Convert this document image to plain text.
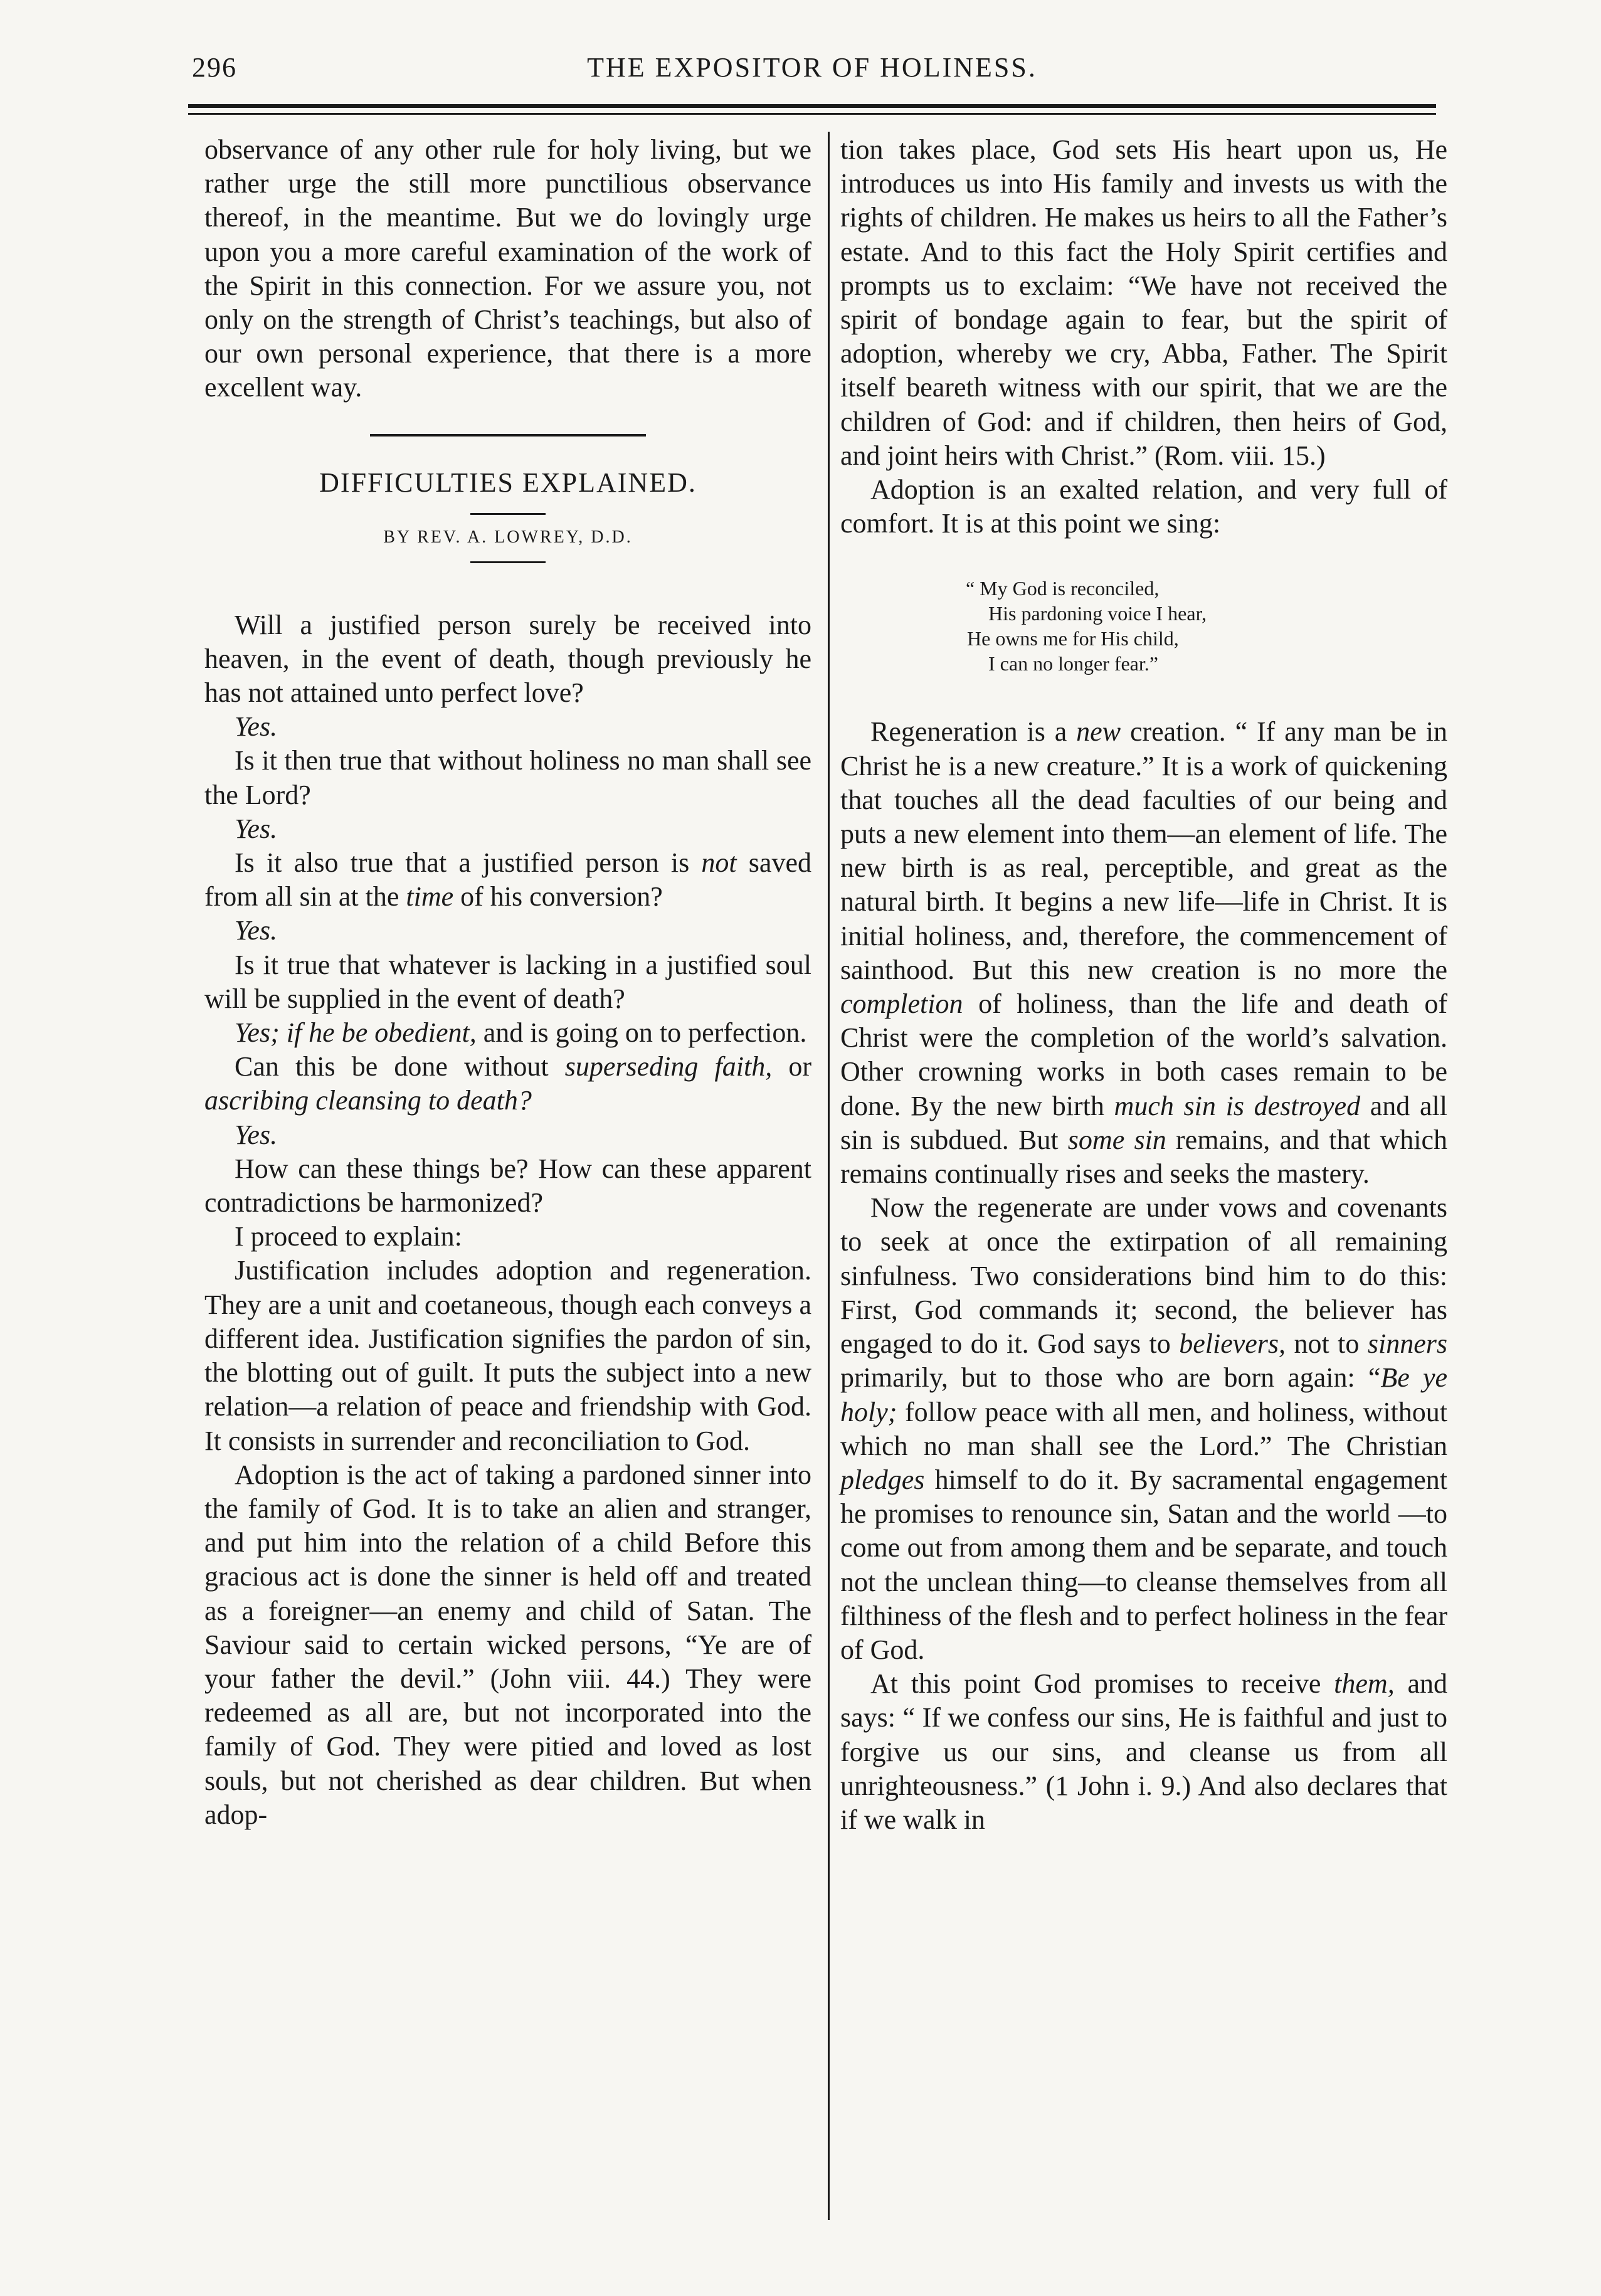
296	THE EXPOSITOR OF HOLINESS.

observance of any other rule for holy living, but we rather urge the still more punctilious observance thereof, in the meantime. But we do lovingly urge upon you a more careful examination of the work of the Spirit in this connection. For we assure you, not only on the strength of Christ’s teachings, but also of our own personal experience, that there is a more excellent way.

DIFFICULTIES EXPLAINED.
BY REV. A. LOWREY, D.D.

Will a justified person surely be received into heaven, in the event of death, though previously he has not attained unto perfect love?

Yes.

Is it then true that without holiness no man shall see the Lord?

Yes.

Is it also true that a justified person is not saved from all sin at the time of his conversion?

Yes.

Is it true that whatever is lacking in a justified soul will be supplied in the event of death?

Yes; if he be obedient, and is going on to perfection.

Can this be done without superseding faith, or ascribing cleansing to death?

Yes.

How can these things be? How can these apparent contradictions be harmonized?

I proceed to explain:

Justification includes adoption and regeneration. They are a unit and coetaneous, though each conveys a different idea. Justification signifies the pardon of sin, the blotting out of guilt. It puts the subject into a new relation—a relation of peace and friendship with God. It consists in surrender and reconciliation to God.

Adoption is the act of taking a pardoned sinner into the family of God. It is to take an alien and stranger, and put him into the relation of a child Before this gracious act is done the sinner is held off and treated as a foreigner—an enemy and child of Satan. The Saviour said to certain wicked persons, “Ye are of your father the devil.” (John viii. 44.) They were redeemed as all are, but not incorporated into the family of God. They were pitied and loved as lost souls, but not cherished as dear children. But when adop-

tion takes place, God sets His heart upon us, He introduces us into His family and invests us with the rights of children. He makes us heirs to all the Father’s estate. And to this fact the Holy Spirit certifies and prompts us to exclaim: “We have not received the spirit of bondage again to fear, but the spirit of adoption, whereby we cry, Abba, Father. The Spirit itself beareth witness with our spirit, that we are the children of God: and if children, then heirs of God, and joint heirs with Christ.” (Rom. viii. 15.)

Adoption is an exalted relation, and very full of comfort. It is at this point we sing:

“ My God is reconciled,
His pardoning voice I hear,
He owns me for His child,
I can no longer fear.”

Regeneration is a new creation. “ If any man be in Christ he is a new creature.” It is a work of quickening that touches all the dead faculties of our being and puts a new element into them—an element of life. The new birth is as real, perceptible, and great as the natural birth. It begins a new life—life in Christ. It is initial holiness, and, therefore, the commencement of sainthood. But this new creation is no more the completion of holiness, than the life and death of Christ were the completion of the world’s salvation. Other crowning works in both cases remain to be done. By the new birth much sin is destroyed and all sin is subdued. But some sin remains, and that which remains continually rises and seeks the mastery.

Now the regenerate are under vows and covenants to seek at once the extirpation of all remaining sinfulness. Two considerations bind him to do this: First, God commands it; second, the believer has engaged to do it. God says to believers, not to sinners primarily, but to those who are born again: “Be ye holy; follow peace with all men, and holiness, without which no man shall see the Lord.” The Christian pledges himself to do it. By sacramental engagement he promises to renounce sin, Satan and the world —to come out from among them and be separate, and touch not the unclean thing—to cleanse themselves from all filthiness of the flesh and to perfect holiness in the fear of God.

At this point God promises to receive them, and says: “ If we confess our sins, He is faithful and just to forgive us our sins, and cleanse us from all unrighteousness.” (1 John i. 9.) And also declares that if we walk in
